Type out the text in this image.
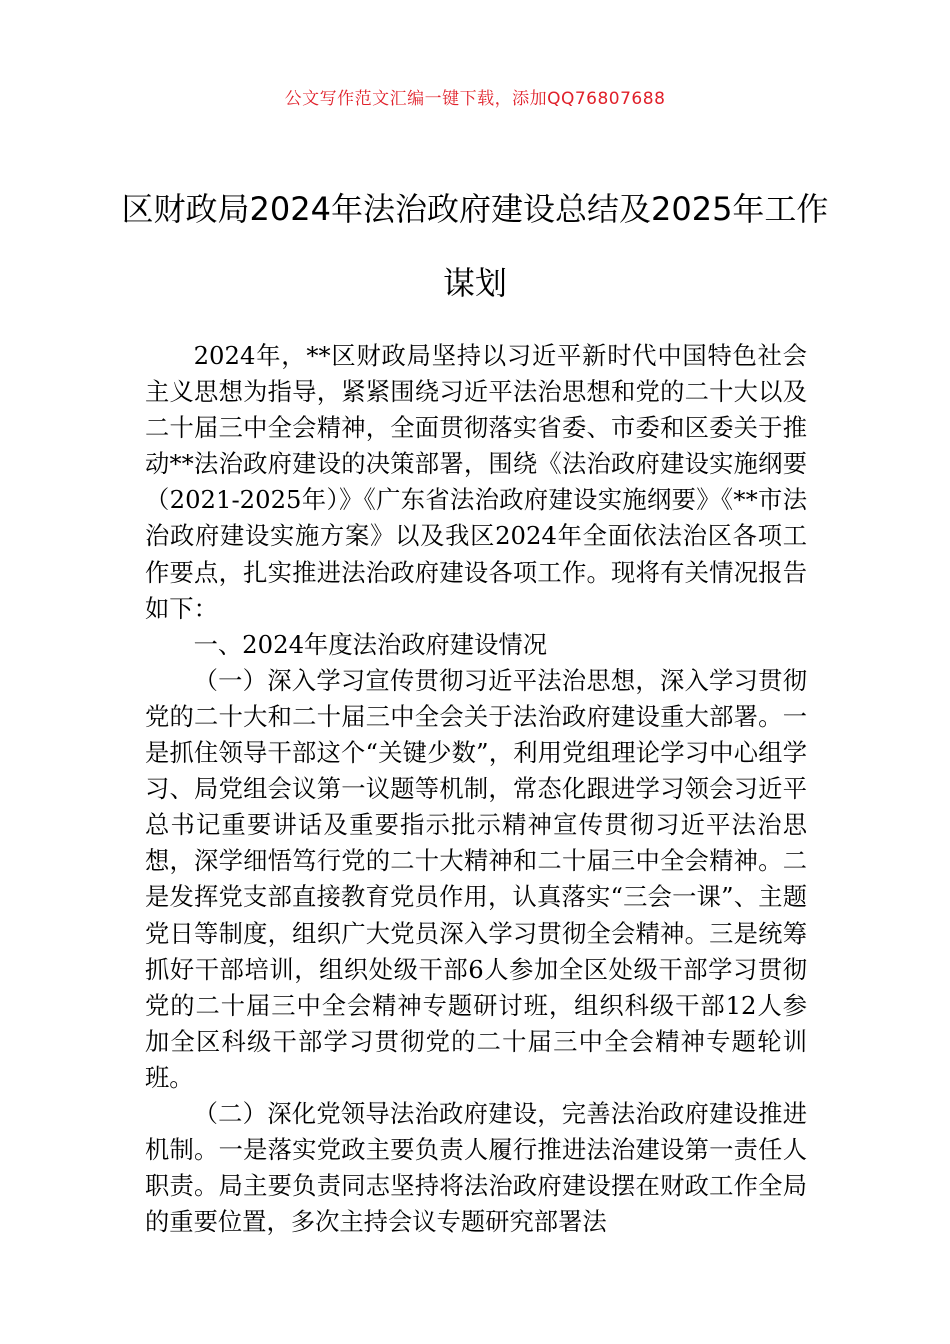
公文写作范文汇编一键下载，添加QQ76807688
区财政局2024年法治政府建设总结及2025年工作谋划

2024年，**区财政局坚持以习近平新时代中国特色社会主义思想为指导，紧紧围绕习近平法治思想和党的二十大以及二十届三中全会精神，全面贯彻落实省委、市委和区委关于推动**法治政府建设的决策部署，围绕《法治政府建设实施纲要（2021-2025年）》《广东省法治政府建设实施纲要》《**市法治政府建设实施方案》以及我区2024年全面依法治区各项工作要点，扎实推进法治政府建设各项工作。现将有关情况报告如下：

一、2024年度法治政府建设情况

（一）深入学习宣传贯彻习近平法治思想，深入学习贯彻党的二十大和二十届三中全会关于法治政府建设重大部署。一是抓住领导干部这个“关键少数”，利用党组理论学习中心组学习、局党组会议第一议题等机制，常态化跟进学习领会习近平总书记重要讲话及重要指示批示精神宣传贯彻习近平法治思想，深学细悟笃行党的二十大精神和二十届三中全会精神。二是发挥党支部直接教育党员作用，认真落实“三会一课”、主题党日等制度，组织广大党员深入学习贯彻全会精神。三是统筹抓好干部培训，组织处级干部6人参加全区处级干部学习贯彻党的二十届三中全会精神专题研讨班，组织科级干部12人参加全区科级干部学习贯彻党的二十届三中全会精神专题轮训班。

（二）深化党领导法治政府建设，完善法治政府建设推进机制。一是落实党政主要负责人履行推进法治建设第一责任人职责。局主要负责同志坚持将法治政府建设摆在财政工作全局的重要位置，多次主持会议专题研究部署法
